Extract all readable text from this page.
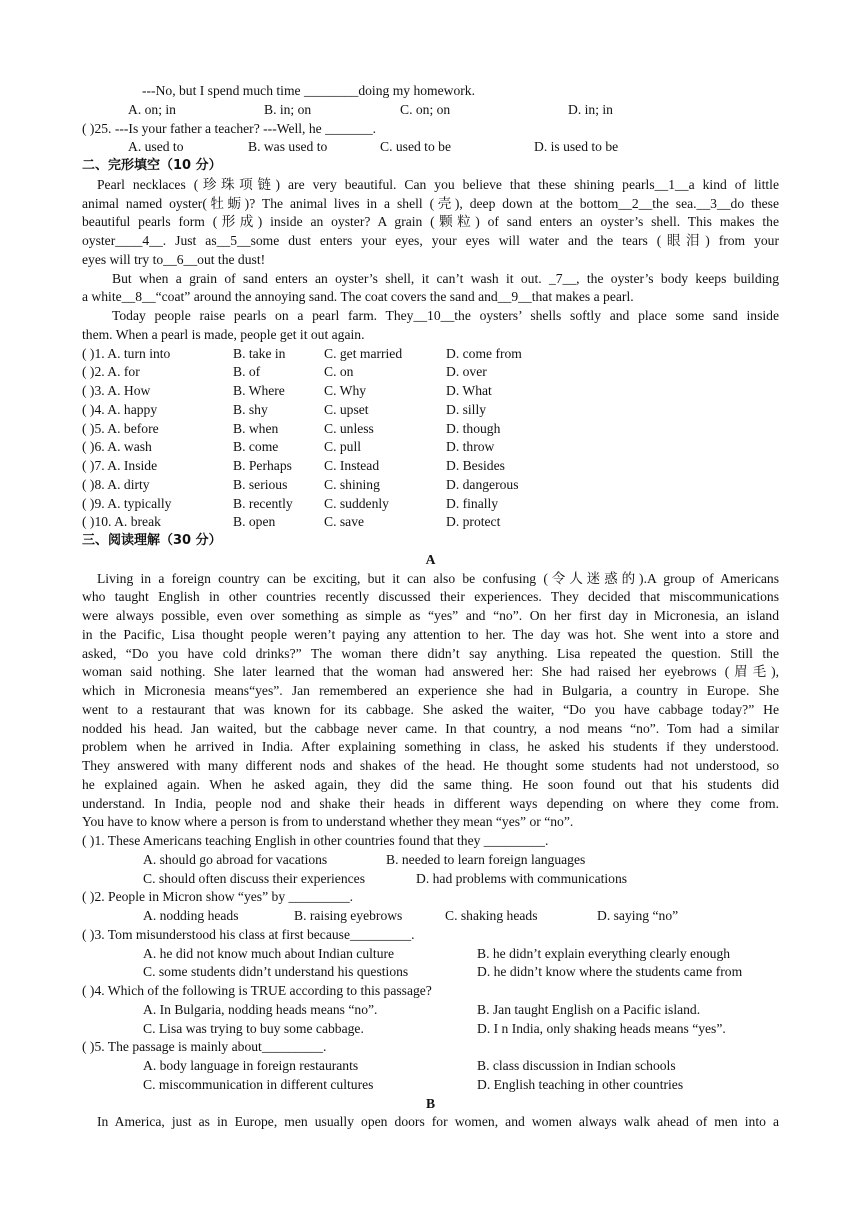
---No, but I spend much time ________doing my homework.
A. on; in	B. in; on	C. on; on	D. in; in
( )25. ---Is your father a teacher? ---Well, he _______.
A. used to	B. was used to	C. used to be	D. is used to be
二、完形填空（10 分）
Pearl necklaces (珍珠项链) are very beautiful. Can you believe that these shining pearls__1__a kind of little
animal named oyster(牡蛎)? The animal lives in a shell (壳), deep down at the bottom__2__the sea.__3__do these
beautiful pearls form (形成) inside an oyster? A grain (颗粒) of sand enters an oyster’s shell. This makes the
oyster____4__. Just as__5__some dust enters your eyes, your eyes will water and the tears (眼泪) from your
eyes will try to__6__out the dust!
But when a grain of sand enters an oyster’s shell, it can’t wash it out. _7__, the oyster’s body keeps building
a white__8__“coat” around the annoying sand. The coat covers the sand and__9__that makes a pearl.
Today people raise pearls on a pearl farm. They__10__the oysters’ shells softly and place some sand inside
them. When a pearl is made, people get it out again.
( )1. A. turn into	B. take in	C. get married	D. come from
( )2. A. for	B. of	C. on	D. over
( )3. A. How	B. Where	C. Why	D. What
( )4. A. happy	B. shy	C. upset	D. silly
( )5. A. before	B. when	C. unless	D. though
( )6. A. wash	B. come	C. pull	D. throw
( )7. A. Inside	B. Perhaps	C. Instead	D. Besides
( )8. A. dirty	B. serious	C. shining	D. dangerous
( )9. A. typically	B. recently	C. suddenly	D. finally
( )10. A. break	B. open	C. save	D. protect
三、阅读理解（30 分）
A
Living in a foreign country can be exciting, but it can also be confusing (令人迷惑的).A group of Americans
who taught English in other countries recently discussed their experiences. They decided that miscommunications
were always possible, even over something as simple as “yes” and “no”. On her first day in Micronesia, an island
in the Pacific, Lisa thought people weren’t paying any attention to her. The day was hot. She went into a store and
asked, “Do you have cold drinks?” The woman there didn’t say anything. Lisa repeated the question. Still the
woman said nothing. She later learned that the woman had answered her: She had raised her eyebrows (眉毛),
which in Micronesia means“yes”. Jan remembered an experience she had in Bulgaria, a country in Europe. She
went to a restaurant that was known for its cabbage. She asked the waiter, “Do you have cabbage today?” He
nodded his head. Jan waited, but the cabbage never came. In that country, a nod means “no”. Tom had a similar
problem when he arrived in India. After explaining something in class, he asked his students if they understood.
They answered with many different nods and shakes of the head. He thought some students had not understood, so
he explained again. When he asked again, they did the same thing. He soon found out that his students did
understand. In India, people nod and shake their heads in different ways depending on where they come from.
You have to know where a person is from to understand whether they mean “yes” or “no”.
( )1. These Americans teaching English in other countries found that they _________.
A. should go abroad for vacations	B. needed to learn foreign languages
C. should often discuss their experiences	D. had problems with communications
( )2. People in Micron show “yes” by _________.
A. nodding heads	B. raising eyebrows	C. shaking heads	D. saying “no”
( )3. Tom misunderstood his class at first because_________.
A. he did not know much about Indian culture	B. he didn’t explain everything clearly enough
C. some students didn’t understand his questions	D. he didn’t know where the students came from
( )4. Which of the following is TRUE according to this passage?
A. In Bulgaria, nodding heads means “no”.	B. Jan taught English on a Pacific island.
C. Lisa was trying to buy some cabbage.	D. I n India, only shaking heads means “yes”.
( )5. The passage is mainly about_________.
A. body language in foreign restaurants	B. class discussion in Indian schools
C. miscommunication in different cultures	D. English teaching in other countries
B
In America, just as in Europe, men usually open doors for women, and women always walk ahead of men into a
